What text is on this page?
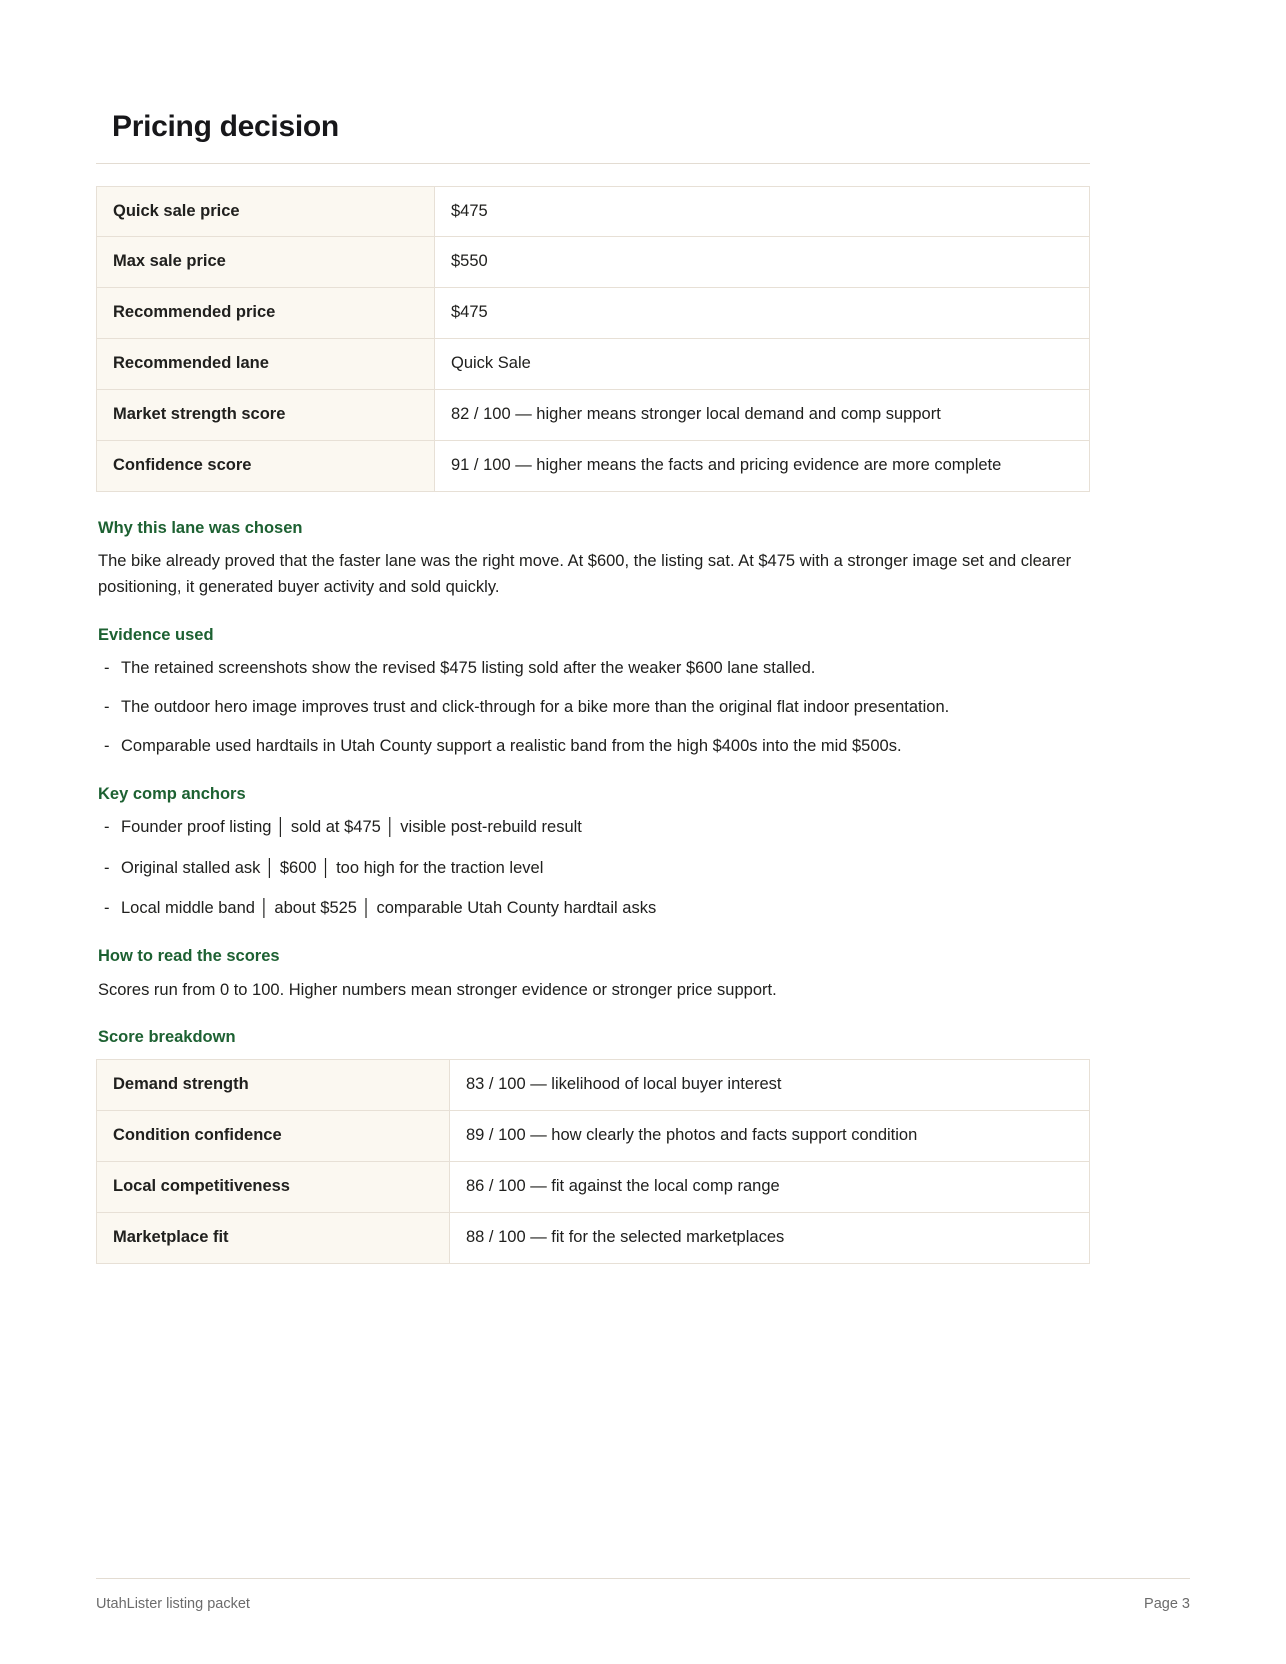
Pricing decision
Quick sale price	$475
Max sale price	$550
Recommended price	$475
Recommended lane	Quick Sale
Market strength score	82 / 100 — higher means stronger local demand and comp support
Confidence score	91 / 100 — higher means the facts and pricing evidence are more complete
Why this lane was chosen

The bike already proved that the faster lane was the right move. At $600, the listing sat. At $475 with a stronger image set and clearer positioning, it generated buyer activity and sold quickly.

Evidence used
- The retained screenshots show the revised $475 listing sold after the weaker $600 lane stalled.
- The outdoor hero image improves trust and click-through for a bike more than the original flat indoor presentation.
- Comparable used hardtails in Utah County support a realistic band from the high $400s into the mid $500s.
Key comp anchors
- Founder proof listing │ sold at $475 │ visible post-rebuild result
- Original stalled ask │ $600 │ too high for the traction level
- Local middle band │ about $525 │ comparable Utah County hardtail asks
How to read the scores

Scores run from 0 to 100. Higher numbers mean stronger evidence or stronger price support.

Score breakdown
Demand strength	83 / 100 — likelihood of local buyer interest
Condition confidence	89 / 100 — how clearly the photos and facts support condition
Local competitiveness	86 / 100 — fit against the local comp range
Marketplace fit	88 / 100 — fit for the selected marketplaces
UtahLister listing packet	Page 3
